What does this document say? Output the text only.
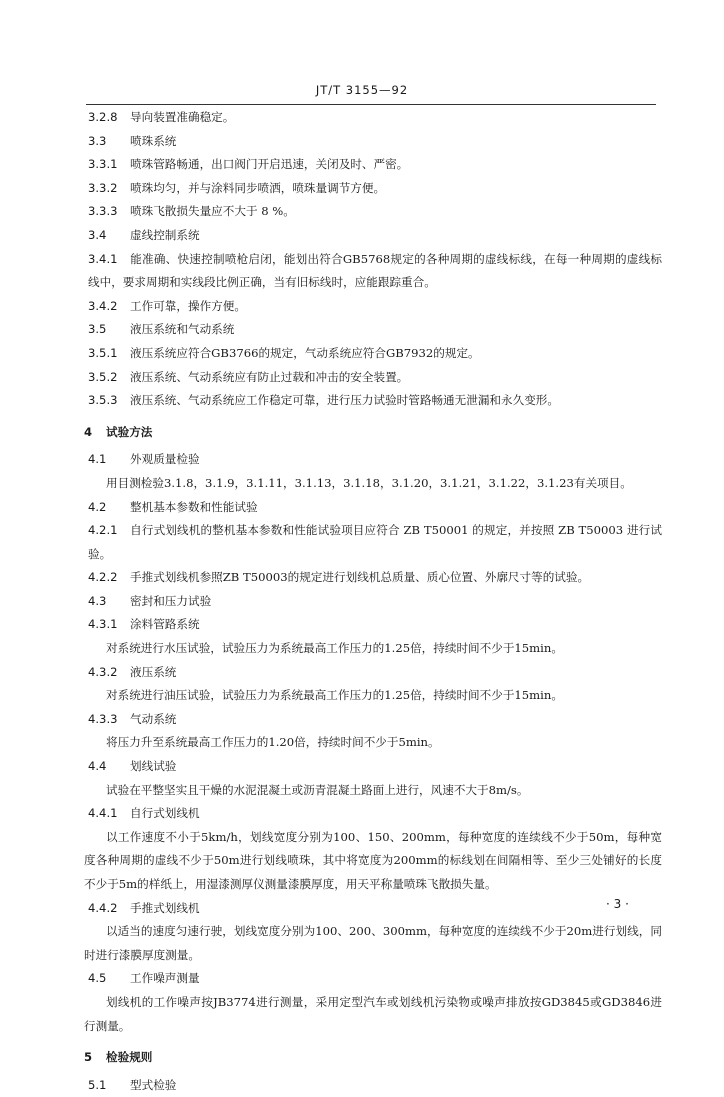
JT/T 3155—92
3.2.8 导向装置准确稳定。
3.3 喷珠系统
3.3.1 喷珠管路畅通，出口阀门开启迅速，关闭及时、严密。
3.3.2 喷珠均匀，并与涂料同步喷洒，喷珠量调节方便。
3.3.3 喷珠飞散损失量应不大于 8 %。
3.4 虚线控制系统
3.4.1 能准确、快速控制喷枪启闭，能划出符合GB5768规定的各种周期的虚线标线，在每一种周期的虚线标线中，要求周期和实线段比例正确，当有旧标线时，应能跟踪重合。
3.4.2 工作可靠，操作方便。
3.5 液压系统和气动系统
3.5.1 液压系统应符合GB3766的规定，气动系统应符合GB7932的规定。
3.5.2 液压系统、气动系统应有防止过载和冲击的安全装置。
3.5.3 液压系统、气动系统应工作稳定可靠，进行压力试验时管路畅通无泄漏和永久变形。
4 试验方法
4.1 外观质量检验
用目测检验3.1.8，3.1.9，3.1.11，3.1.13，3.1.18，3.1.20，3.1.21，3.1.22，3.1.23有关项目。
4.2 整机基本参数和性能试验
4.2.1 自行式划线机的整机基本参数和性能试验项目应符合 ZB T50001 的规定，并按照 ZB T50003 进行试验。
4.2.2 手推式划线机参照ZB T50003的规定进行划线机总质量、质心位置、外廓尺寸等的试验。
4.3 密封和压力试验
4.3.1 涂料管路系统
对系统进行水压试验，试验压力为系统最高工作压力的1.25倍，持续时间不少于15min。
4.3.2 液压系统
对系统进行油压试验，试验压力为系统最高工作压力的1.25倍，持续时间不少于15min。
4.3.3 气动系统
将压力升至系统最高工作压力的1.20倍，持续时间不少于5min。
4.4 划线试验
试验在平整坚实且干燥的水泥混凝土或沥青混凝土路面上进行，风速不大于8m/s。
4.4.1 自行式划线机
以工作速度不小于5km/h，划线宽度分别为100、150、200mm，每种宽度的连续线不少于50m，每种宽度各种周期的虚线不少于50m进行划线喷珠，其中将宽度为200mm的标线划在间隔相等、至少三处铺好的长度不少于5m的样纸上，用湿漆测厚仪测量漆膜厚度，用天平称量喷珠飞散损失量。
4.4.2 手推式划线机
以适当的速度匀速行驶，划线宽度分别为100、200、300mm，每种宽度的连续线不少于20m进行划线，同时进行漆膜厚度测量。
4.5 工作噪声测量
划线机的工作噪声按JB3774进行测量，采用定型汽车或划线机污染物或噪声排放按GD3845或GD3846进行测量。
5 检验规则
5.1 型式检验
· 3 ·
